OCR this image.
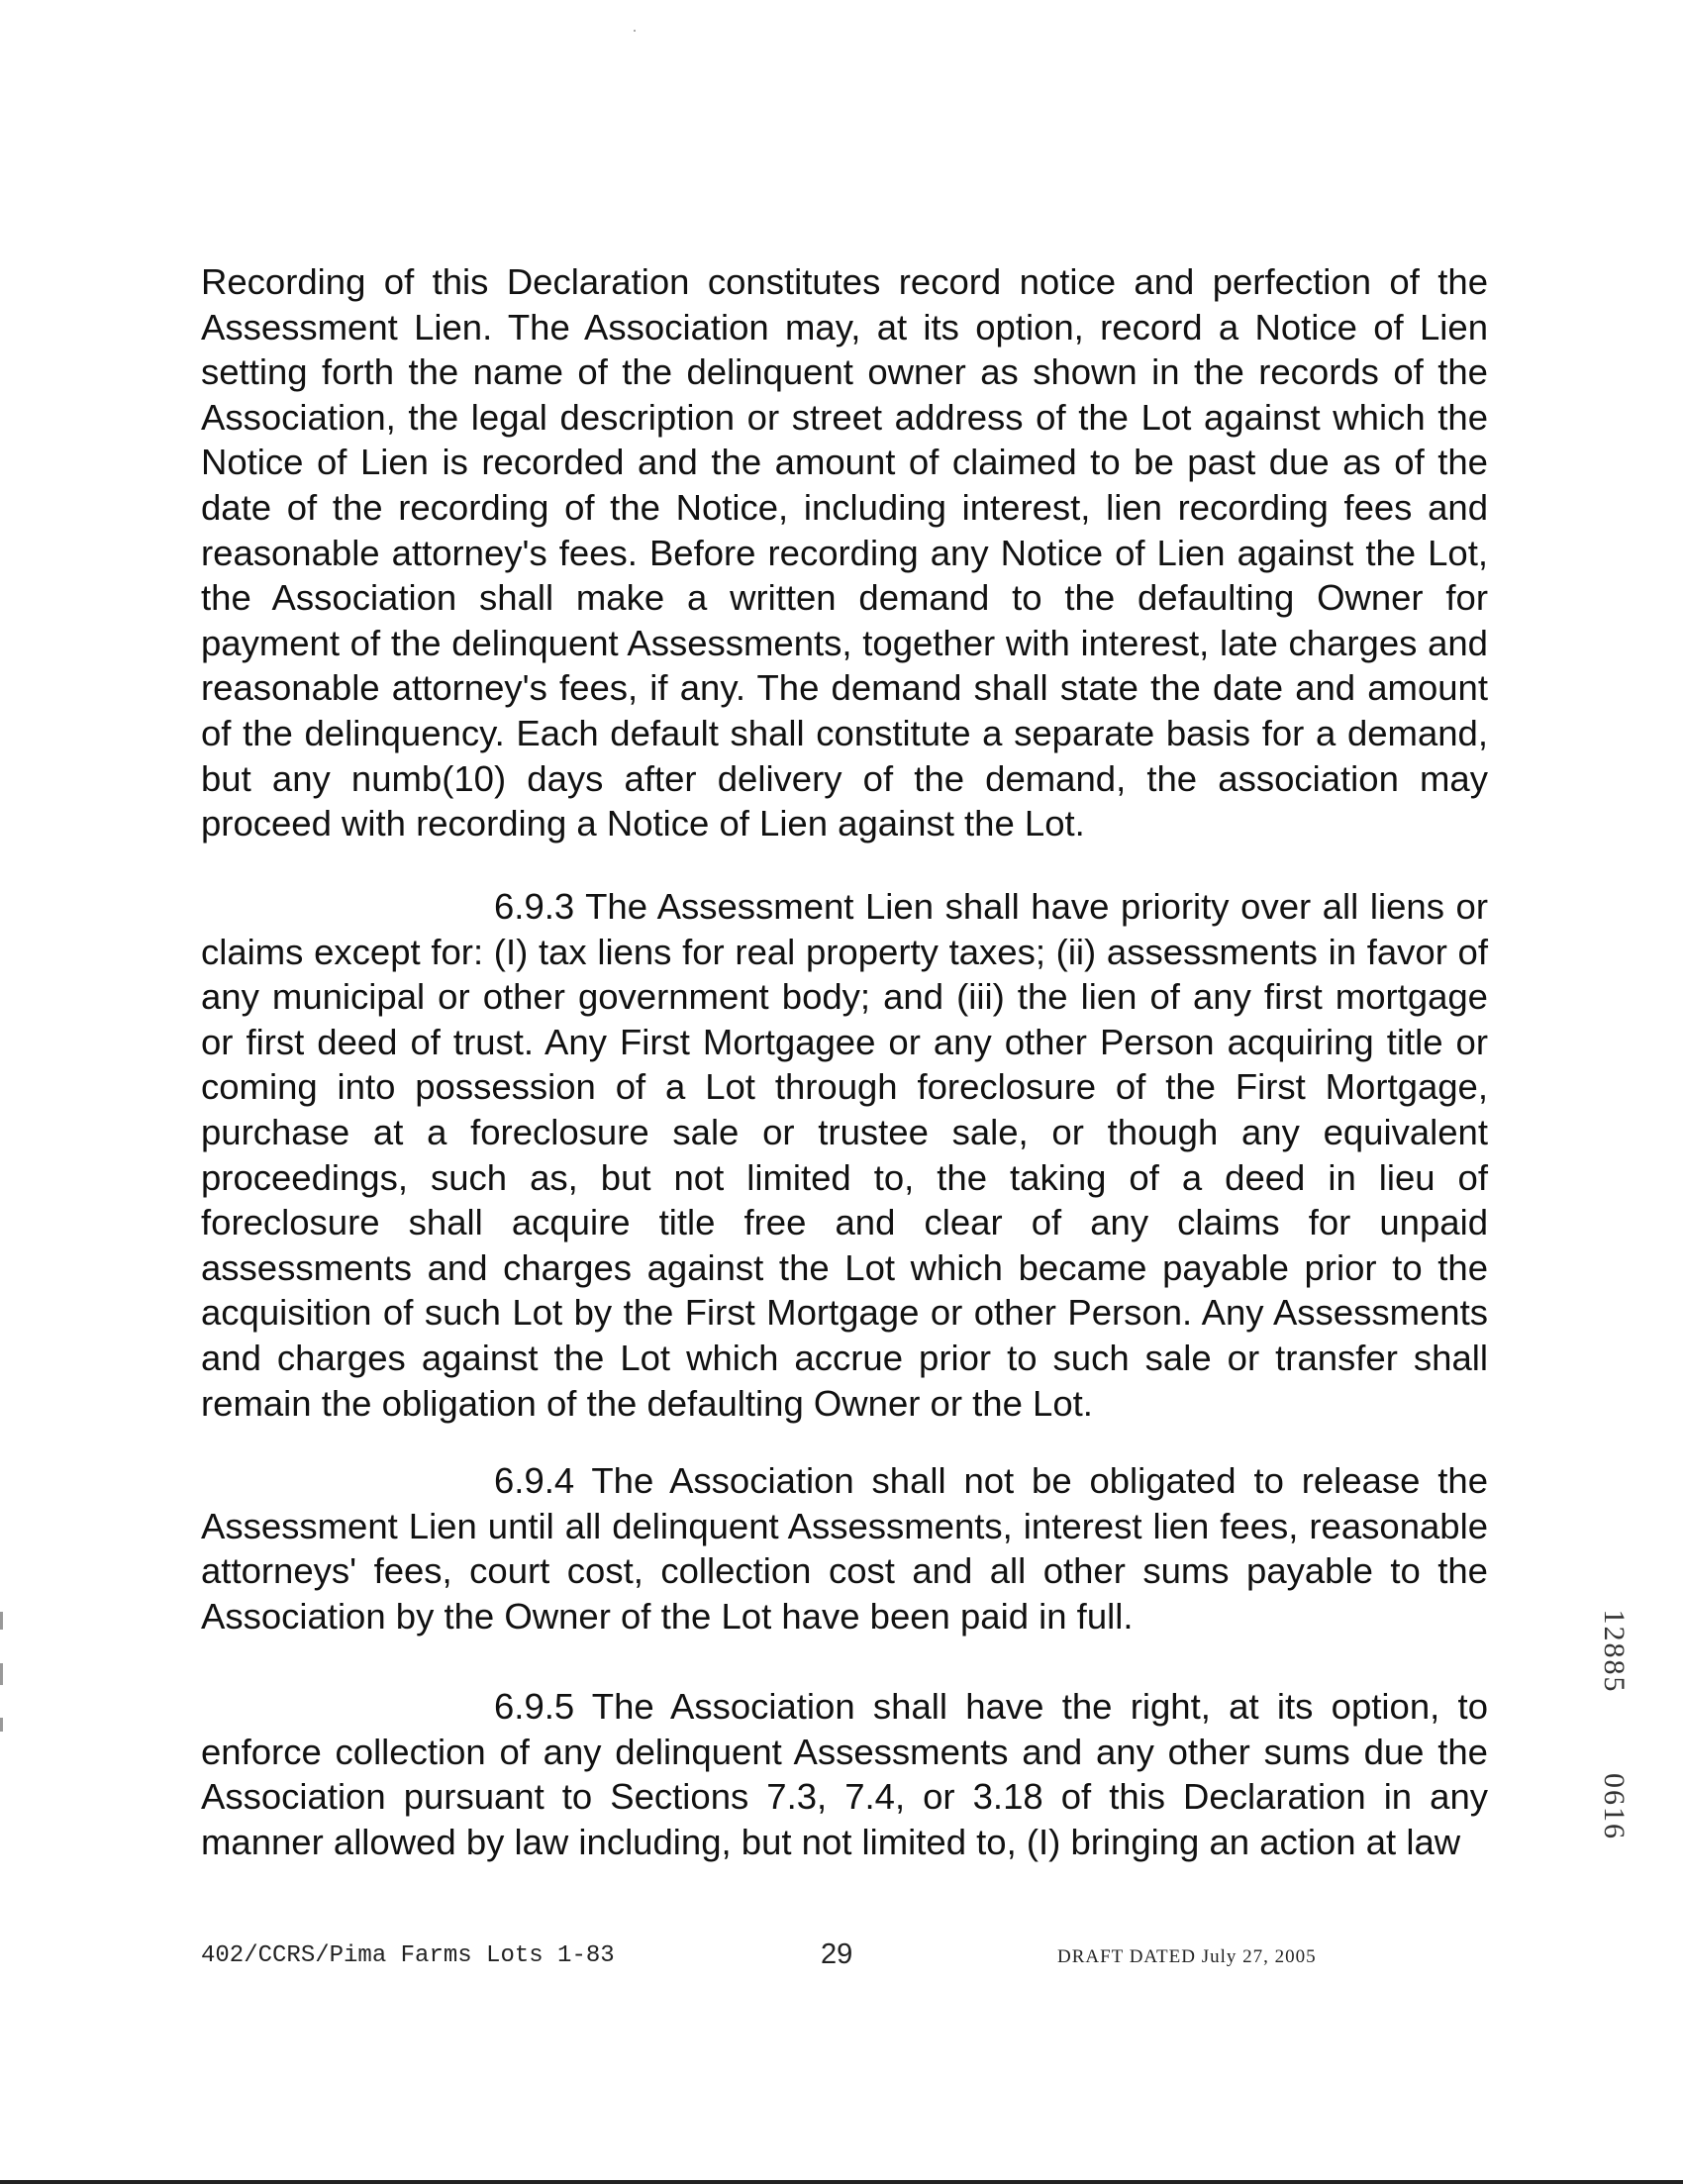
Recording of this Declaration constitutes record notice and perfection of the Assessment Lien. The Association may, at its option, record a Notice of Lien setting forth the name of the delinquent owner as shown in the records of the Association, the legal description or street address of the Lot against which the Notice of Lien is recorded and the amount of claimed to be past due as of the date of the recording of the Notice, including interest, lien recording fees and reasonable attorney's fees. Before recording any Notice of Lien against the Lot, the Association shall make a written demand to the defaulting Owner for payment of the delinquent Assessments, together with interest, late charges and reasonable attorney's fees, if any. The demand shall state the date and amount of the delinquency. Each default shall constitute a separate basis for a demand, but any numb(10) days after delivery of the demand, the association may proceed with recording a Notice of Lien against the Lot.

6.9.3 The Assessment Lien shall have priority over all liens or claims except for: (I) tax liens for real property taxes; (ii) assessments in favor of any municipal or other government body; and (iii) the lien of any first mortgage or first deed of trust. Any First Mortgagee or any other Person acquiring title or coming into possession of a Lot through foreclosure of the First Mortgage, purchase at a foreclosure sale or trustee sale, or though any equivalent proceedings, such as, but not limited to, the taking of a deed in lieu of foreclosure shall acquire title free and clear of any claims for unpaid assessments and charges against the Lot which became payable prior to the acquisition of such Lot by the First Mortgage or other Person. Any Assessments and charges against the Lot which accrue prior to such sale or transfer shall remain the obligation of the defaulting Owner or the Lot.

6.9.4 The Association shall not be obligated to release the Assessment Lien until all delinquent Assessments, interest lien fees, reasonable attorneys' fees, court cost, collection cost and all other sums payable to the Association by the Owner of the Lot have been paid in full.

6.9.5 The Association shall have the right, at its option, to enforce collection of any delinquent Assessments and any other sums due the Association pursuant to Sections 7.3, 7.4, or 3.18 of this Declaration in any manner allowed by law including, but not limited to, (I) bringing an action at law

12885
0616
402/CCRS/Pima Farms Lots 1-83	29	DRAFT DATED July 27, 2005
